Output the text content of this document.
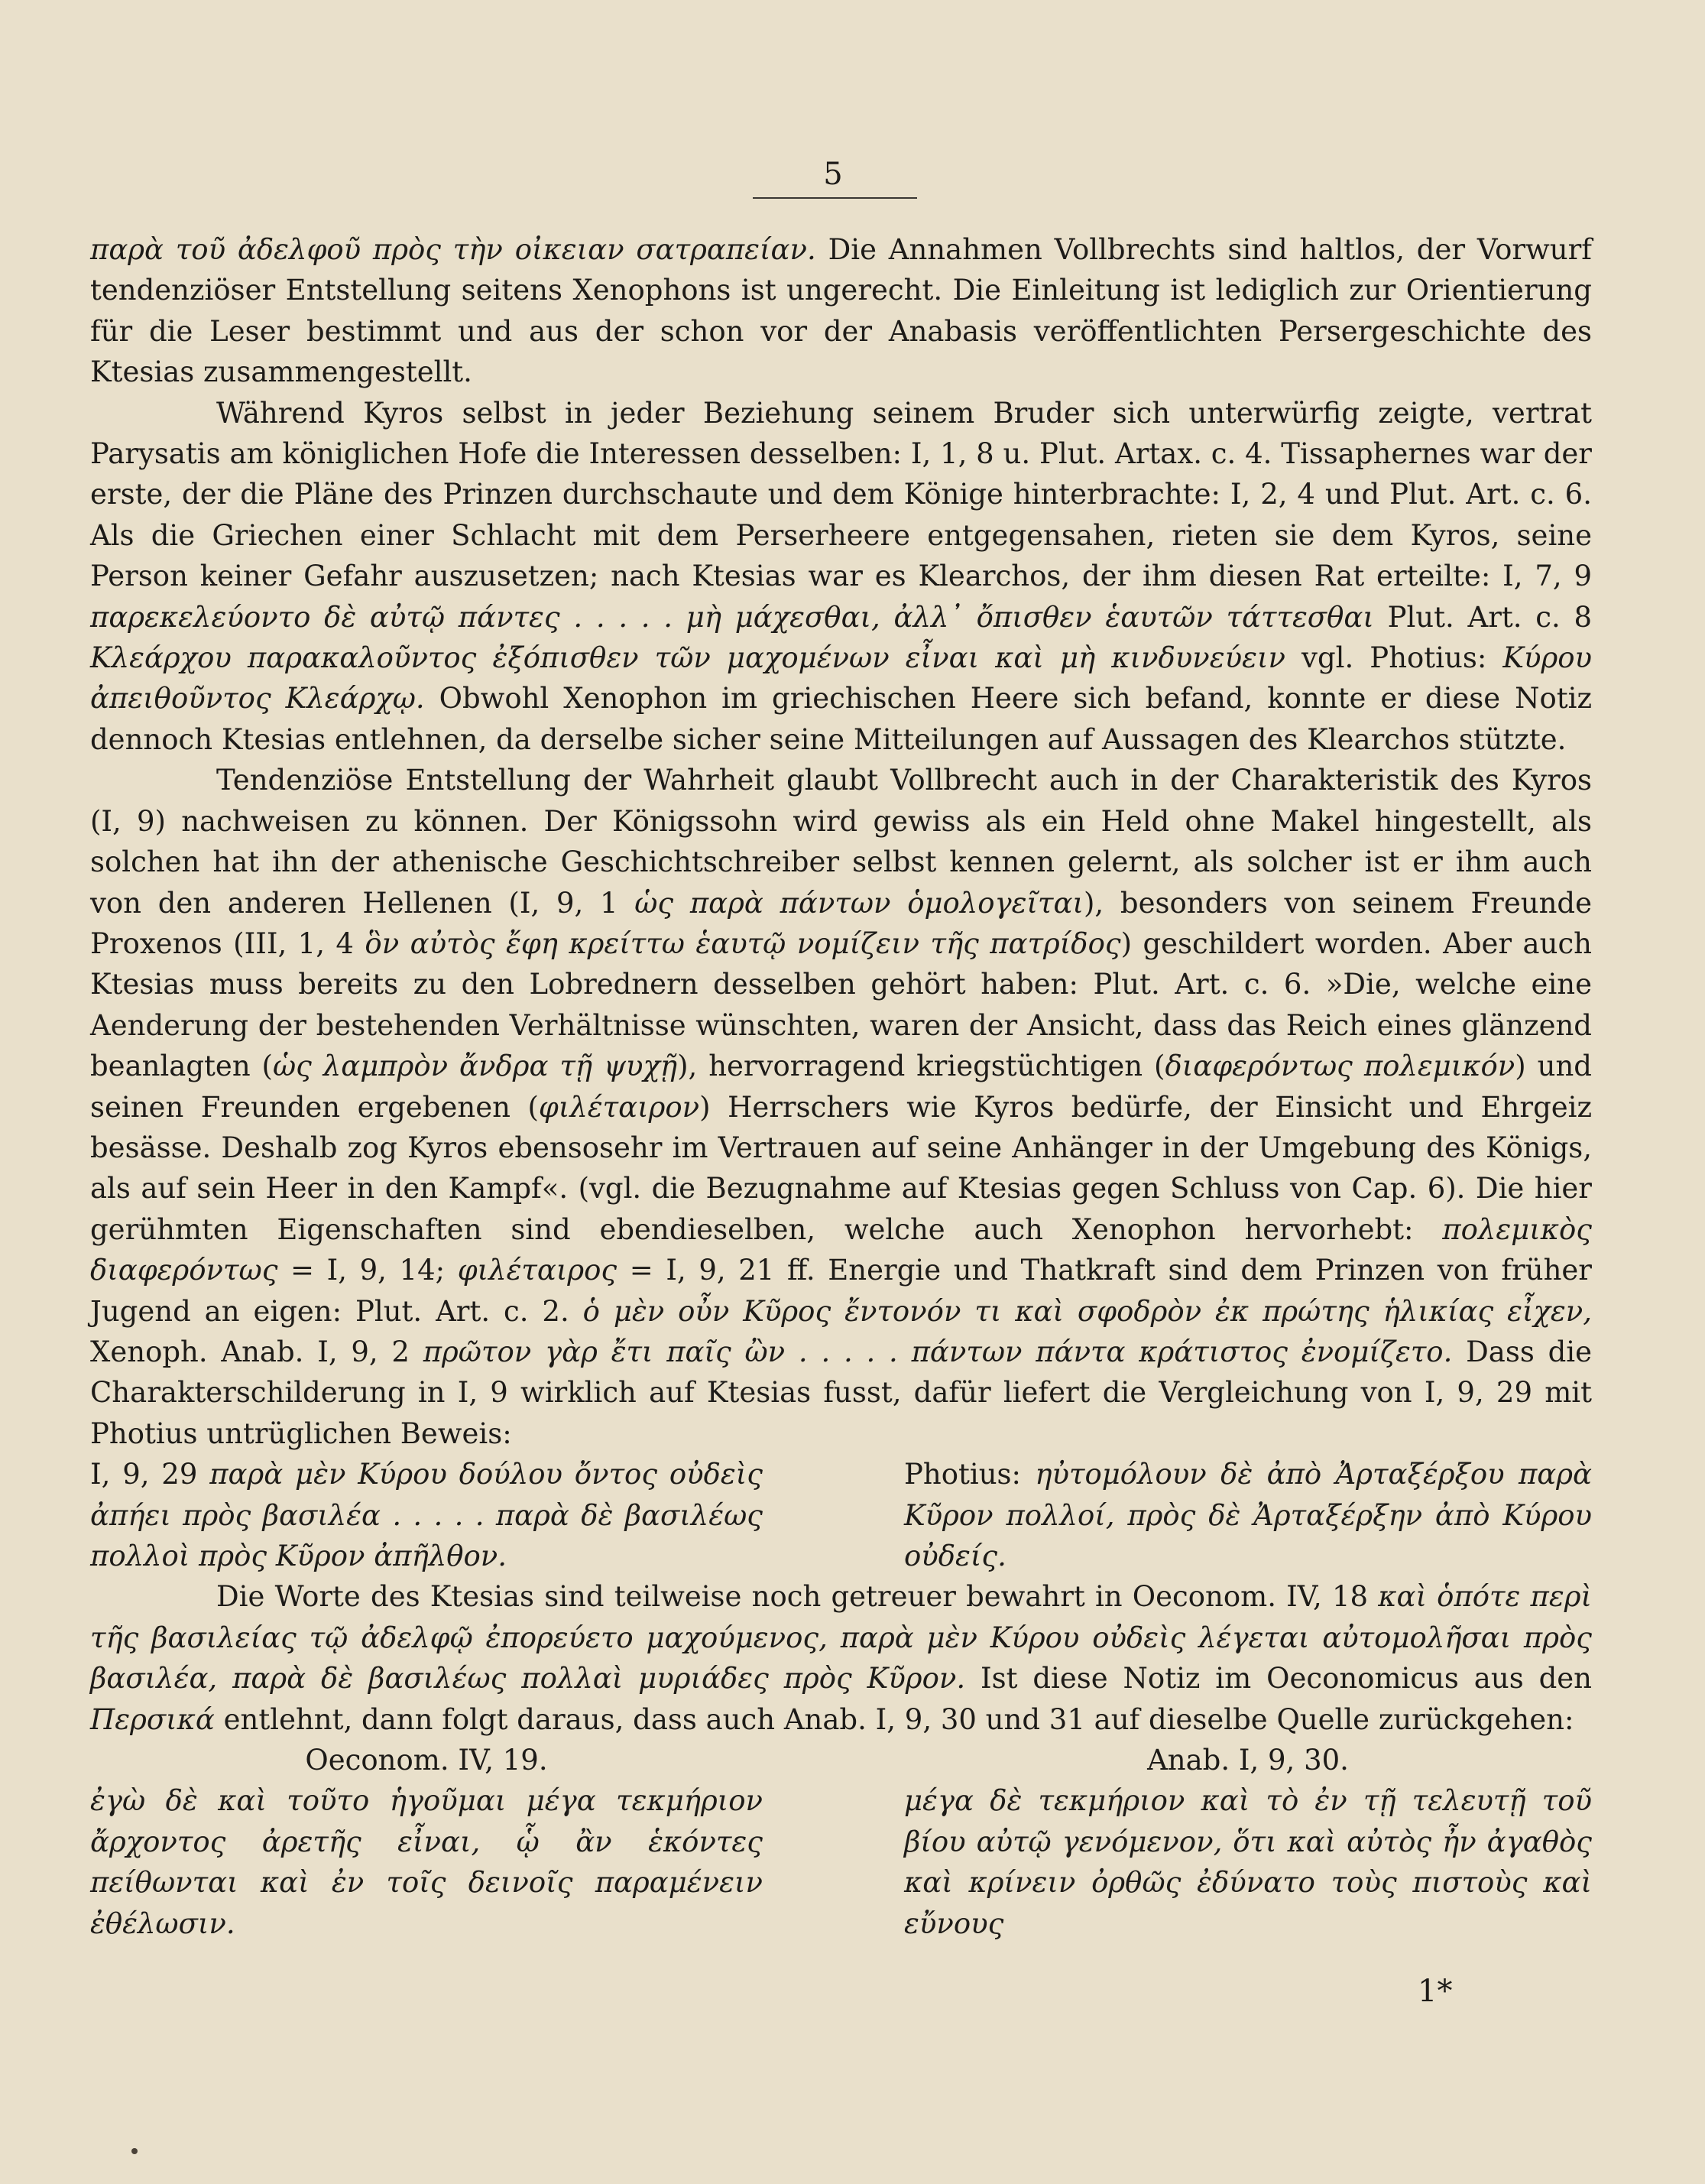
5

παρὰ τοῦ ἀδελφοῦ πρὸς τὴν οἰκειαν σατραπείαν. Die Annahmen Vollbrechts sind haltlos, der Vorwurf tendenziöser Entstellung seitens Xenophons ist ungerecht. Die Einleitung ist lediglich zur Orientierung für die Leser bestimmt und aus der schon vor der Anabasis veröffentlichten Persergeschichte des Ktesias zusammengestellt.

Während Kyros selbst in jeder Beziehung seinem Bruder sich unterwürfig zeigte, vertrat Parysatis am königlichen Hofe die Interessen desselben: I, 1, 8 u. Plut. Artax. c. 4. Tissaphernes war der erste, der die Pläne des Prinzen durchschaute und dem Könige hinterbrachte: I, 2, 4 und Plut. Art. c. 6. Als die Griechen einer Schlacht mit dem Perserheere entgegensahen, rieten sie dem Kyros, seine Person keiner Gefahr auszusetzen; nach Ktesias war es Klearchos, der ihm diesen Rat erteilte: I, 7, 9 παρεκελεύοντο δὲ αὐτῷ πάντες . . . . . μὴ μάχεσθαι, ἀλλ᾽ ὄπισθεν ἑαυτῶν τάττεσθαι Plut. Art. c. 8 Κλεάρχου παρακαλοῦντος ἐξόπισθεν τῶν μαχομένων εἶναι καὶ μὴ κινδυνεύειν vgl. Photius: Κύρου ἀπειθοῦντος Κλεάρχῳ. Obwohl Xenophon im griechischen Heere sich befand, konnte er diese Notiz dennoch Ktesias entlehnen, da derselbe sicher seine Mitteilungen auf Aussagen des Klearchos stützte.

Tendenziöse Entstellung der Wahrheit glaubt Vollbrecht auch in der Charakteristik des Kyros (I, 9) nachweisen zu können. Der Königssohn wird gewiss als ein Held ohne Makel hingestellt, als solchen hat ihn der athenische Geschichtschreiber selbst kennen gelernt, als solcher ist er ihm auch von den anderen Hellenen (I, 9, 1 ὡς παρὰ πάντων ὁμολογεῖται), besonders von seinem Freunde Proxenos (III, 1, 4 ὃν αὐτὸς ἔφη κρείττω ἑαυτῷ νομίζειν τῆς πατρίδος) geschildert worden. Aber auch Ktesias muss bereits zu den Lobrednern desselben gehört haben: Plut. Art. c. 6. »Die, welche eine Aenderung der bestehenden Verhältnisse wünschten, waren der Ansicht, dass das Reich eines glänzend beanlagten (ὡς λαμπρὸν ἄνδρα τῇ ψυχῇ), hervorragend kriegstüchtigen (διαφερόντως πολεμικόν) und seinen Freunden ergebenen (φιλέταιρον) Herrschers wie Kyros bedürfe, der Einsicht und Ehrgeiz besässe. Deshalb zog Kyros ebensosehr im Vertrauen auf seine Anhänger in der Umgebung des Königs, als auf sein Heer in den Kampf«. (vgl. die Bezugnahme auf Ktesias gegen Schluss von Cap. 6). Die hier gerühmten Eigenschaften sind ebendieselben, welche auch Xenophon hervorhebt: πολεμικὸς διαφερόντως = I, 9, 14; φιλέταιρος = I, 9, 21 ff. Energie und Thatkraft sind dem Prinzen von früher Jugend an eigen: Plut. Art. c. 2. ὁ μὲν οὖν Κῦρος ἔντονόν τι καὶ σφοδρὸν ἐκ πρώτης ἡλικίας εἶχεν, Xenoph. Anab. I, 9, 2 πρῶτον γὰρ ἔτι παῖς ὢν . . . . . πάντων πάντα κράτιστος ἐνομίζετο. Dass die Charakterschilderung in I, 9 wirklich auf Ktesias fusst, dafür liefert die Vergleichung von I, 9, 29 mit Photius untrüglichen Beweis:

I, 9, 29 παρὰ μὲν Κύρου δούλου ὄντος οὐδεὶς ἀπήει πρὸς βασιλέα . . . . . παρὰ δὲ βασιλέως πολλοὶ πρὸς Κῦρον ἀπῆλθον.
Photius: ηὐτομόλουν δὲ ἀπὸ Ἀρταξέρξου παρὰ Κῦρον πολλοί, πρὸς δὲ Ἀρταξέρξην ἀπὸ Κύρου οὐδείς.

Die Worte des Ktesias sind teilweise noch getreuer bewahrt in Oeconom. IV, 18 καὶ ὁπότε περὶ τῆς βασιλείας τῷ ἀδελφῷ ἐπορεύετο μαχούμενος, παρὰ μὲν Κύρου οὐδεὶς λέγεται αὐτομολῆσαι πρὸς βασιλέα, παρὰ δὲ βασιλέως πολλαὶ μυριάδες πρὸς Κῦρον. Ist diese Notiz im Oeconomicus aus den Περσικά entlehnt, dann folgt daraus, dass auch Anab. I, 9, 30 und 31 auf dieselbe Quelle zurückgehen:

Oeconom. IV, 19.
ἐγὼ δὲ καὶ τοῦτο ἡγοῦμαι μέγα τεκμήριον ἄρχοντος ἀρετῆς εἶναι, ᾧ ἂν ἑκόντες πείθωνται καὶ ἐν τοῖς δεινοῖς παραμένειν ἐθέλωσιν.
Anab. I, 9, 30.
μέγα δὲ τεκμήριον καὶ τὸ ἐν τῇ τελευτῇ τοῦ βίου αὐτῷ γενόμενον, ὅτι καὶ αὐτὸς ἦν ἀγαθὸς καὶ κρίνειν ὀρθῶς ἐδύνατο τοὺς πιστοὺς καὶ εὔνους
1*
